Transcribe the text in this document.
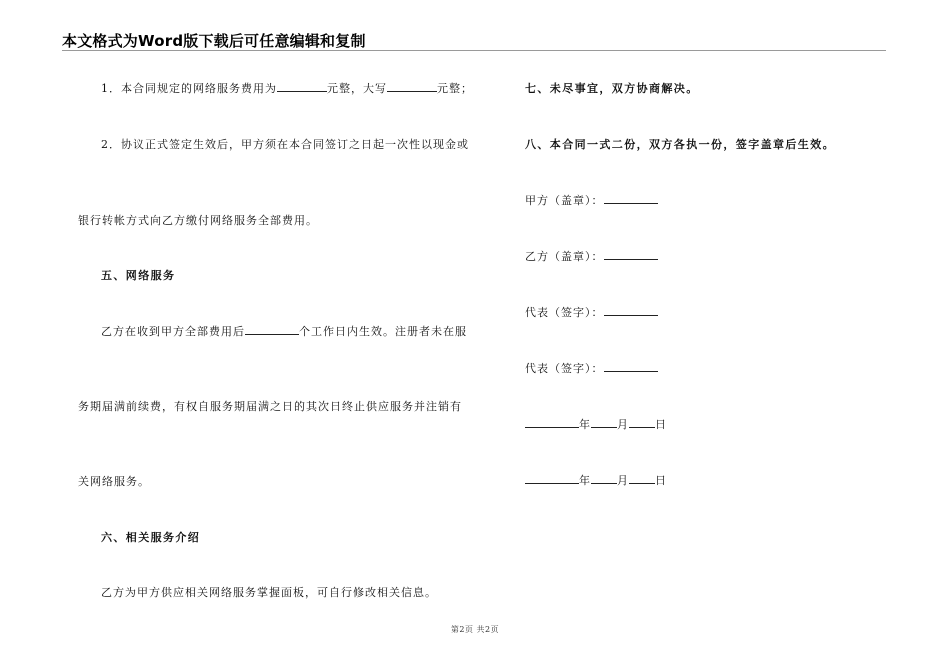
本文格式为Word版下载后可任意编辑和复制
1．本合同规定的网络服务费用为	元整，大写	元整；
2．协议正式签定生效后，甲方须在本合同签订之日起一次性以现金或
银行转帐方式向乙方缴付网络服务全部费用。
五、网络服务
乙方在收到甲方全部费用后	个工作日内生效。注册者未在服
务期届满前续费，有权自服务期届满之日的其次日终止供应服务并注销有
关网络服务。
六、相关服务介绍
乙方为甲方供应相关网络服务掌握面板，可自行修改相关信息。
七、未尽事宜，双方协商解决。
八、本合同一式二份，双方各执一份，签字盖章后生效。
甲方（盖章）：
乙方（盖章）：
代表（签字）：
代表（签字）：
年 月 日
年 月 日
第2页 共2页
